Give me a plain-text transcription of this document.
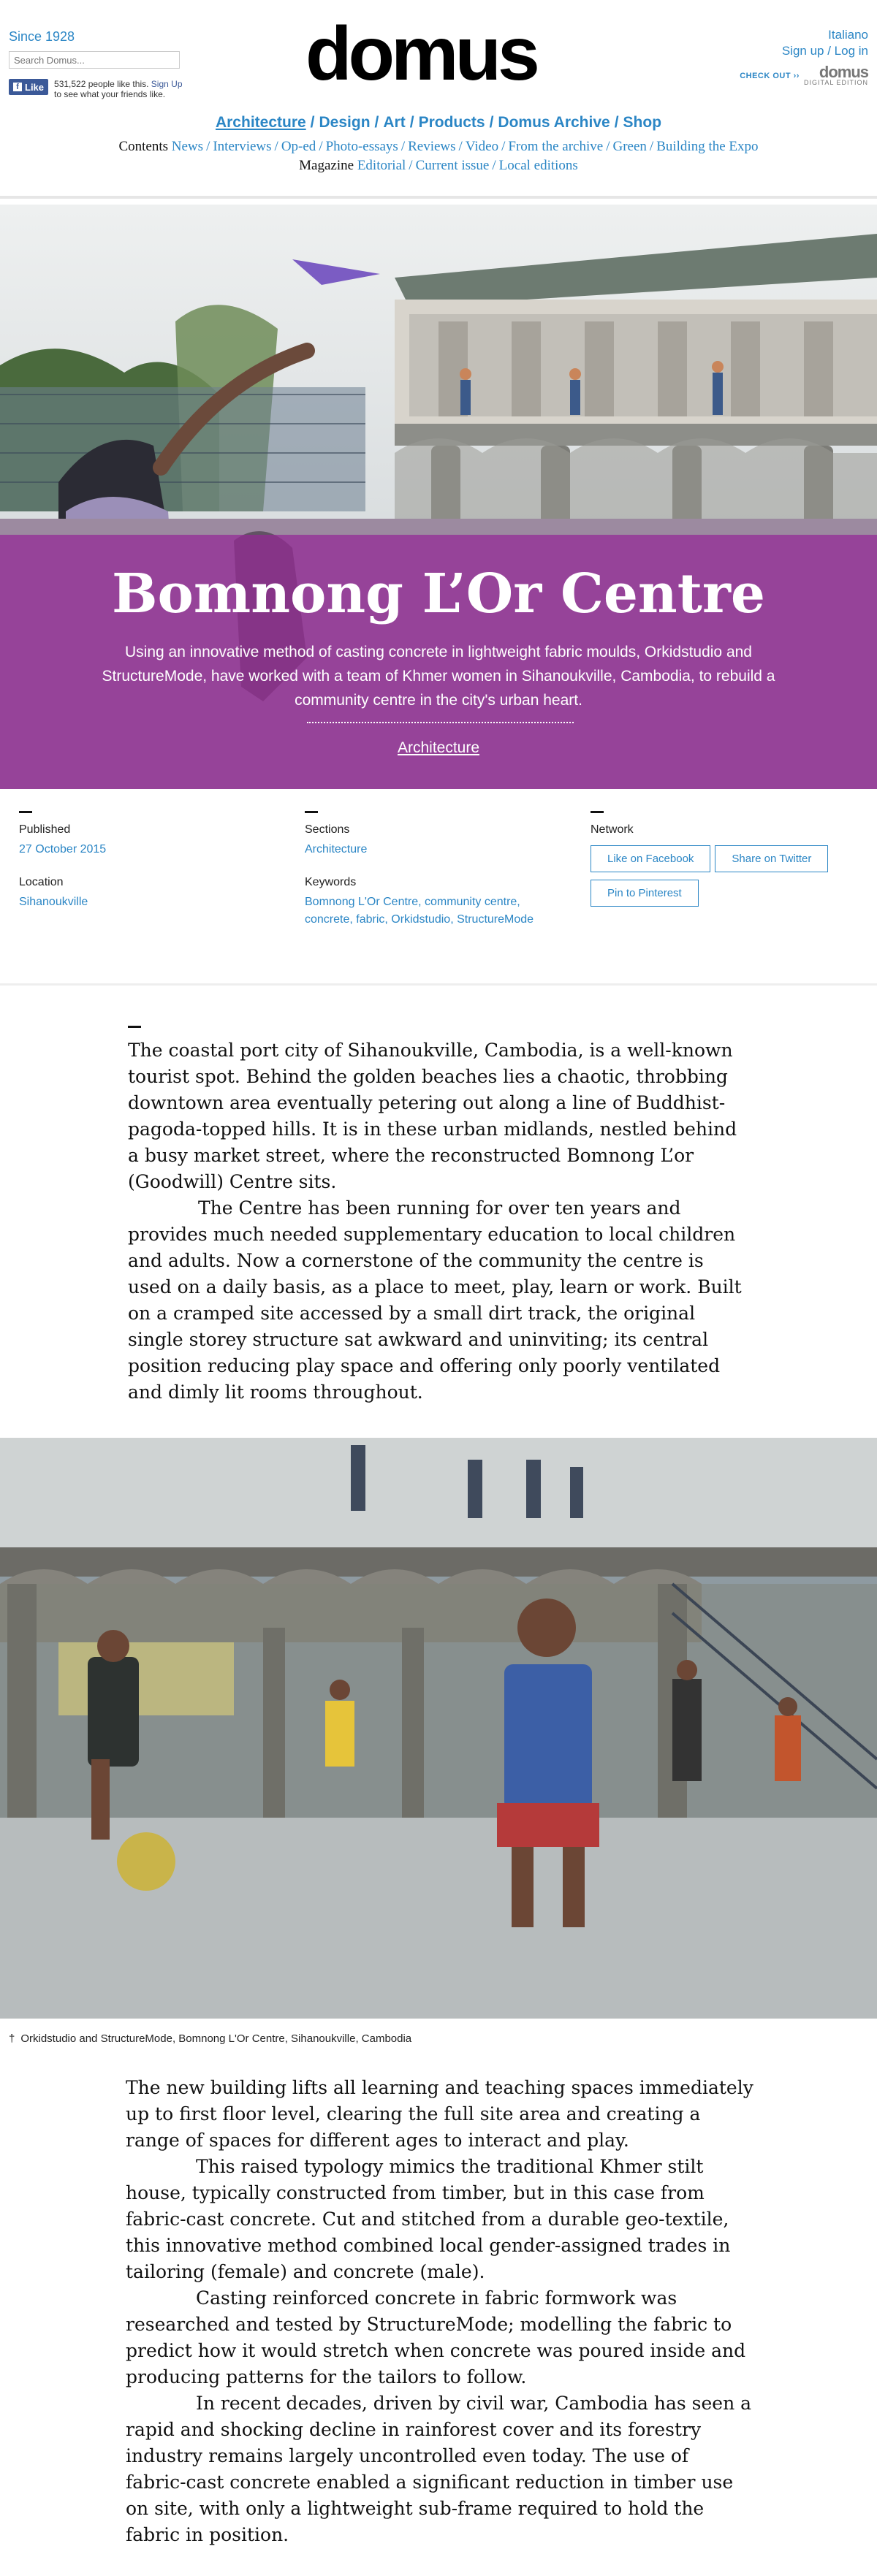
Since 1928
Search Domus...
f Like 531,522 people like this. Sign Up
to see what your friends like. domus	Italiano
Sign up / Log in
CHECK OUT ›› domus
DIGITAL EDITION
Architecture / Design / Art / Products / Domus Archive / Shop
Contents News / Interviews / Op-ed / Photo-essays / Reviews / Video / From the archive / Green / Building the Expo
Magazine Editorial / Current issue / Local editions
Bomnong L’Or Centre
Using an innovative method of casting concrete in lightweight fabric moulds, Orkidstudio and StructureMode, have worked with a team of Khmer women in Sihanoukville, Cambodia, to rebuild a community centre in the city's urban heart.
Architecture
Published
27 October 2015
Location
Sihanoukville
Sections
Architecture
Keywords
Bomnong L'Or Centre, community centre,
concrete, fabric, Orkidstudio, StructureMode
Network
Like on Facebook	Share on Twitter
Pin to Pinterest

The coastal port city of Sihanoukville, Cambodia, is a well-known tourist spot. Behind the golden beaches lies a chaotic, throbbing downtown area eventually petering out along a line of Buddhist-pagoda-topped hills. It is in these urban midlands, nestled behind a busy market street, where the reconstructed Bomnong L’or (Goodwill) Centre sits.

The Centre has been running for over ten years and provides much needed supplementary education to local children and adults. Now a cornerstone of the community the centre is used on a daily basis, as a place to meet, play, learn or work. Built on a cramped site accessed by a small dirt track, the original single storey structure sat awkward and uninviting; its central position reducing play space and offering only poorly ventilated and dimly lit rooms throughout.

† Orkidstudio and StructureMode, Bomnong L'Or Centre, Sihanoukville, Cambodia

The new building lifts all learning and teaching spaces immediately up to first floor level, clearing the full site area and creating a range of spaces for different ages to interact and play.

This raised typology mimics the traditional Khmer stilt house, typically constructed from timber, but in this case from fabric-cast concrete. Cut and stitched from a durable geo-textile, this innovative method combined local gender-assigned trades in tailoring (female) and concrete (male).

Casting reinforced concrete in fabric formwork was researched and tested by StructureMode; modelling the fabric to predict how it would stretch when concrete was poured inside and producing patterns for the tailors to follow.

In recent decades, driven by civil war, Cambodia has seen a rapid and shocking decline in rainforest cover and its forestry industry remains largely uncontrolled even today. The use of fabric-cast concrete enabled a significant reduction in timber use on site, with only a lightweight sub-frame required to hold the fabric in position.
